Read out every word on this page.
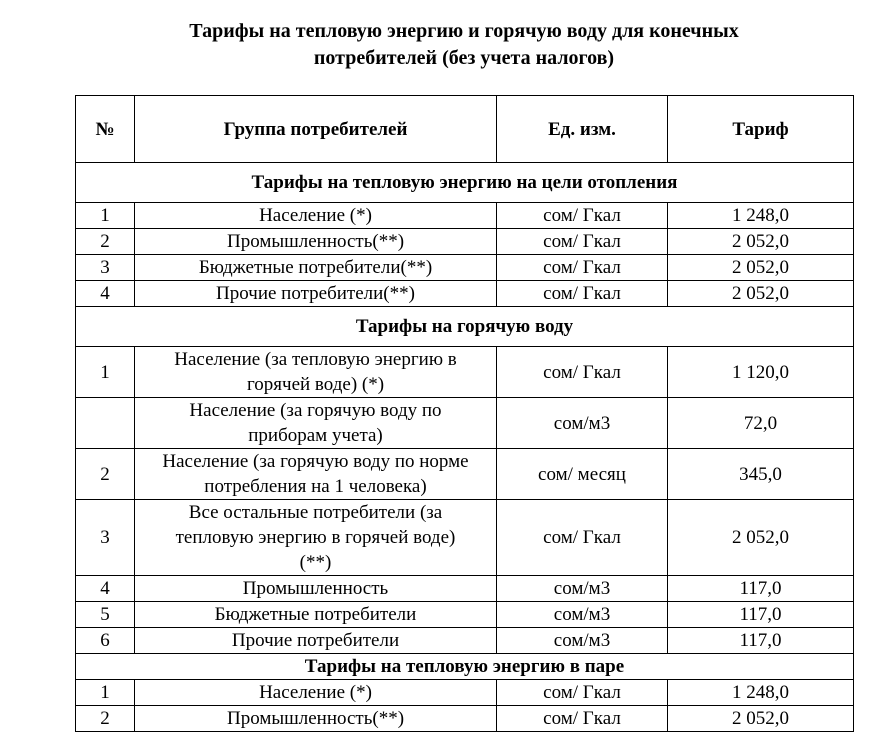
Тарифы на тепловую энергию и горячую воду для конечных
потребителей (без учета налогов)
№	Группа потребителей	Ед. изм.	Тариф
Тарифы на тепловую энергию на цели отопления			
1	Население (*)	сом/ Гкал	1 248,0
2	Промышленность(**)	сом/ Гкал	2 052,0
3	Бюджетные потребители(**)	сом/ Гкал	2 052,0
4	Прочие потребители(**)	сом/ Гкал	2 052,0
Тарифы на горячую воду			
1	Население (за тепловую энергию в
горячей воде) (*)	сом/ Гкал	1 120,0

	Население (за горячую воду по
приборам учета)	сом/м3	72,0
2	Население (за горячую воду по норме
потребления на 1 человека)	сом/ месяц	345,0
3	Все остальные потребители (за
тепловую энергию в горячей воде)
(**)	сом/ Гкал	2 052,0
4	Промышленность	сом/м3	117,0
5	Бюджетные потребители	сом/м3	117,0
6	Прочие потребители	сом/м3	117,0
Тарифы на тепловую энергию в паре			
1	Население (*)	сом/ Гкал	1 248,0
2	Промышленность(**)	сом/ Гкал	2 052,0
